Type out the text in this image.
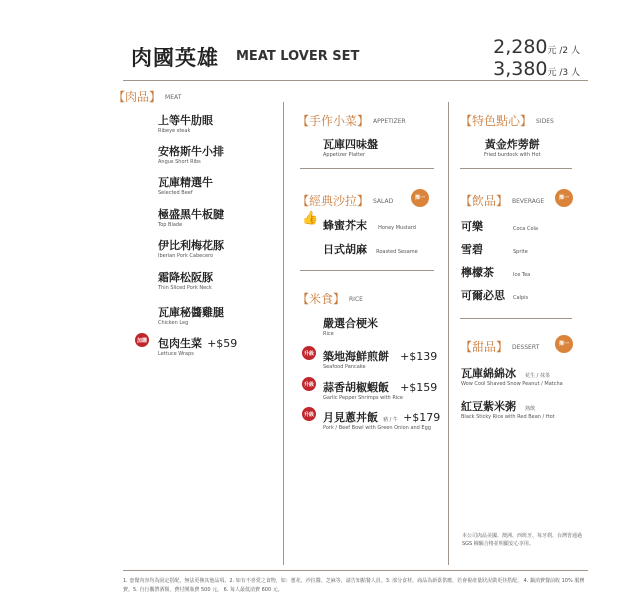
肉國英雄 MEAT LOVER SET	2,280元 /2 人
3,380元 /3 人
【肉品】 MEAT
上等牛肋眼
Ribeye steak
安格斯牛小排
Angus Short Ribs
瓦庫精選牛
Selected Beef
極盛黑牛板腱
Top Blade
伊比利梅花豚
Iberian Pork Cabecero
霜降松阪豚
Thin Sliced Pork Neck
瓦庫秘醬雞腿
Chicken Leg
加購 包肉生菜 +$59
Lettuce Wraps
【手作小菜】 APPETIZER
瓦庫四味盤
Appetizer Platter
【經典沙拉】 SALAD	擇一
👍 蜂蜜芥末 Honey Mustard
日式胡麻 Roasted Sesame
【米食】 RICE
嚴選合梗米
Rice
升級 築地海鮮煎餅 +$139
Seafood Pancake
升級 蒜香胡椒蝦飯 +$159
Garlic Pepper Shrimps with Rice
升級 月見蔥丼飯 豬 / 牛 +$179
Pork / Beef Bowl with Green Onion and Egg
【特色點心】 SIDES
黃金炸蒡餅
Fried burdock with Hot
【飲品】 BEVERAGE	擇一
可樂	Coca Cola
雪碧	Sprite
檸檬茶	Ice Tea
可爾必思 Calpis
【甜品】 DESSERT	擇一
瓦庫綿綿冰 花生 / 抹茶
Wow Cool Shaved Snow Peanut / Matcha
紅豆紫米粥 熱飲
Black Sticky Rice with Red Bean / Hot
本公司肉品美國、澳洲、西班牙、每牙刹、台灣皆通過 SGS 檢驗合格並明顯安心享用。
1. 套餐內容均為固定搭配，無法更換其他品項。2. 如有不喜愛之食物，如：蔥花、沙拉醬、芝麻等，請告知點餐人員。3. 部分食材，商品為新臺供應，若會視產量狀況做更佳搭配。 4. 鍋消費餐前收 10% 服務費。5. 自行攜帶酒類，費付開瓶費 500 元。 6. 每人最低消費 600 元。
